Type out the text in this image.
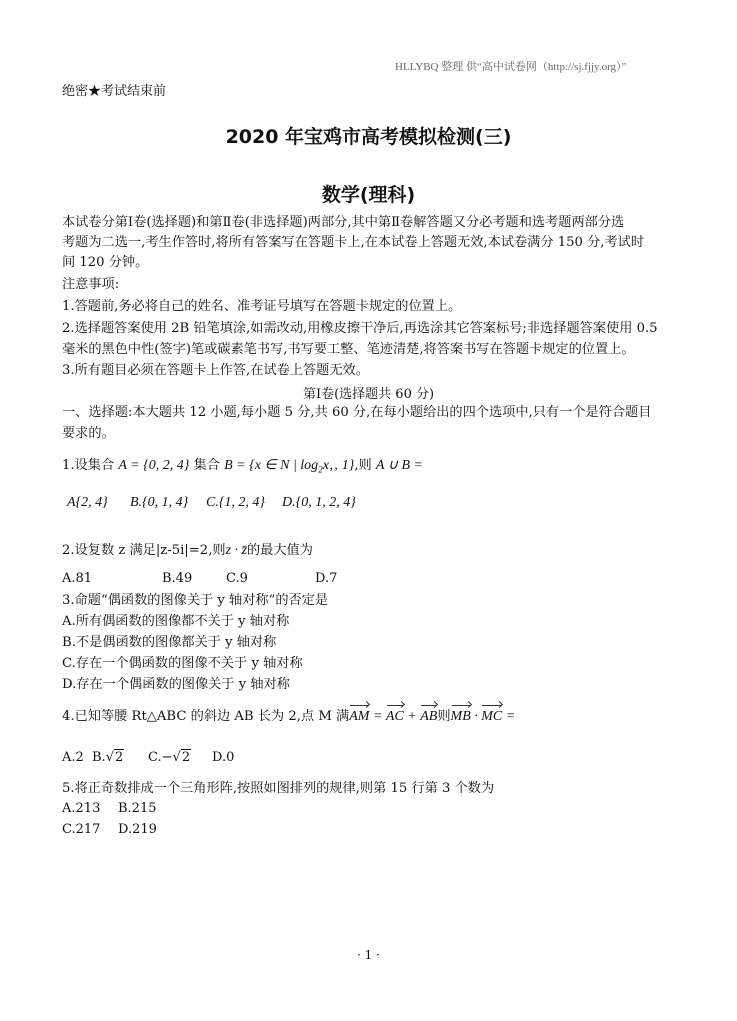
HLLYBQ 整理 供“高中试卷网（http://sj.fjjy.org）”
绝密★考试结束前
2020 年宝鸡市高考模拟检测(三)
数学(理科)
本试卷分第Ⅰ卷(选择题)和第Ⅱ卷(非选择题)两部分,其中第Ⅱ卷解答题又分必考题和选考题两部分选
考题为二选一,考生作答时,将所有答案写在答题卡上,在本试卷上答题无效,本试卷满分 150 分,考试时
间 120 分钟。
注意事项:
1.答题前,务必将自己的姓名、准考证号填写在答题卡规定的位置上。
2.选择题答案使用 2B 铅笔填涂,如需改动,用橡皮擦干净后,再选涂其它答案标号;非选择题答案使用 0.5
毫米的黑色中性(签字)笔或碳素笔书写,书写要工整、笔迹清楚,将答案书写在答题卡规定的位置上。
3.所有题目必须在答题卡上作答,在试卷上答题无效。
第Ⅰ卷(选择题共 60 分)
一、选择题:本大题共 12 小题,每小题 5 分,共 60 分,在每小题给出的四个选项中,只有一个是符合题目
要求的。
1.设集合 A = {0, 2, 4} 集合 B = {x ∈ N | $\log_2x‚‚$ 1},则 A ∪ B =
A{2, 4} B.{0, 1, 4} C.{1, 2, 4} D.{0, 1, 2, 4}
2.设复数 z 满足|z-5i|=2,则z · z̄的最大值为
A.81	B.49	C.9	D.7
3.命题“偶函数的图像关于 y 轴对称”的否定是
A.所有偶函数的图像都不关于 y 轴对称
B.不是偶函数的图像都关于 y 轴对称
C.存在一个偶函数的图像不关于 y 轴对称
D.存在一个偶函数的图像关于 y 轴对称
4.已知等腰 Rt△ABC 的斜边 AB 长为 2,点 M 满AM = AC + AB则MB · MC =
A.2 B.√2 C.−√2 D.0
5.将正奇数排成一个三角形阵,按照如图排列的规律,则第 15 行第 3 个数为
A.213 B.215
C.217 D.219
· 1 ·
